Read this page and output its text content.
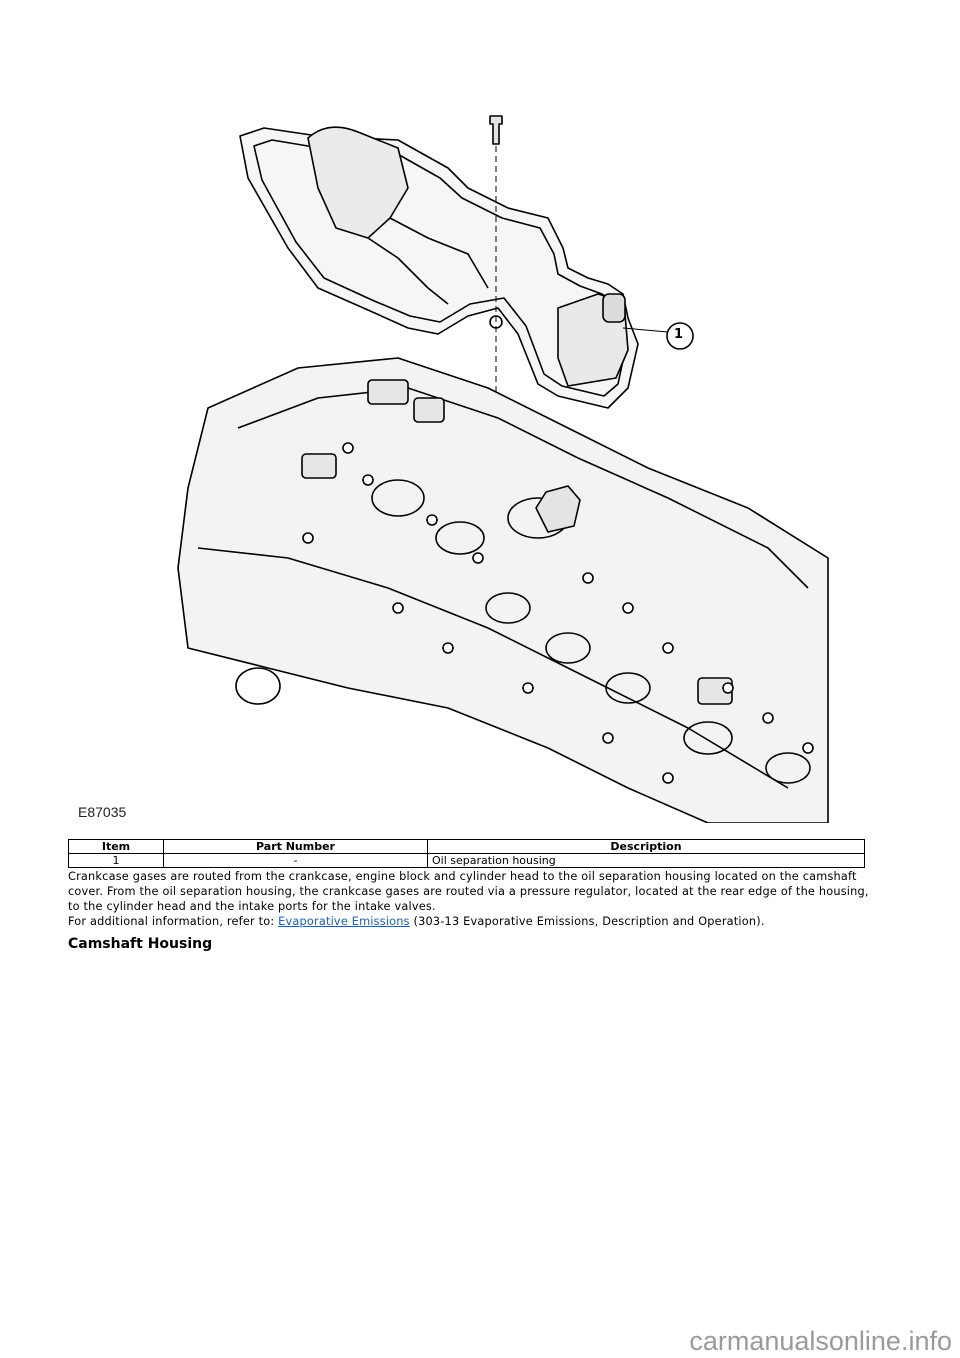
1
E87035
Item	Part Number	Description
1	-	Oil separation housing

Crankcase gases are routed from the crankcase, engine block and cylinder head to the oil separation housing located on the camshaft cover. From the oil separation housing, the crankcase gases are routed via a pressure regulator, located at the rear edge of the housing, to the cylinder head and the intake ports for the intake valves.

For additional information, refer to: Evaporative Emissions (303-13 Evaporative Emissions, Description and Operation).

Camshaft Housing
carmanualsonline.info
